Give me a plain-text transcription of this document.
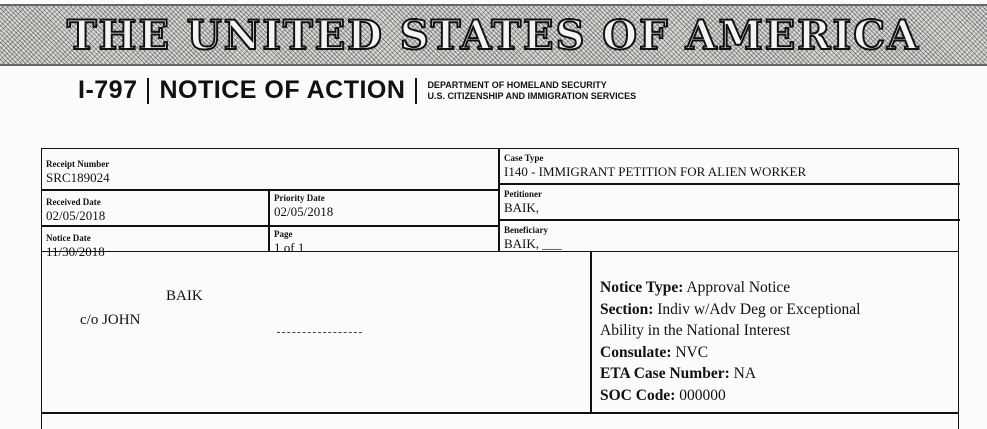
THE UNITED STATES OF AMERICA
I-797 NOTICE OF ACTION DEPARTMENT OF HOMELAND SECURITY
U.S. CITIZENSHIP AND IMMIGRATION SERVICES
Receipt Number
SRC189024
Case Type
I140 - IMMIGRANT PETITION FOR ALIEN WORKER
Received Date
02/05/2018
Priority Date
02/05/2018
Petitioner
BAIK,
Notice Date
11/30/2018
Page
1 of 1
Beneficiary
BAIK, ___
BAIK
c/o JOHN
Notice Type: Approval Notice
Section: Indiv w/Adv Deg or Exceptional
Ability in the National Interest
Consulate: NVC
ETA Case Number: NA
SOC Code: 000000
